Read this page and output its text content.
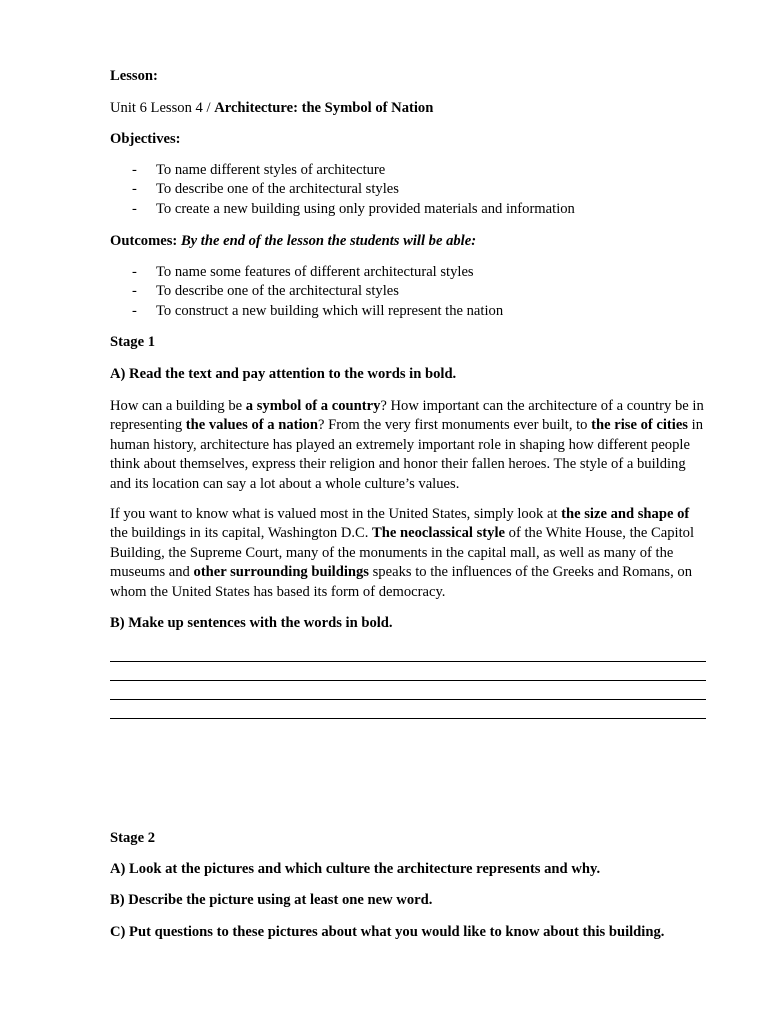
Lesson:

Unit 6 Lesson 4 / Architecture: the Symbol of Nation

Objectives:

- To name different styles of architecture
- To describe one of the architectural styles
- To create a new building using only provided materials and information

Outcomes: By the end of the lesson the students will be able:

- To name some features of different architectural styles
- To describe one of the architectural styles
- To construct a new building which will represent the nation

Stage 1

A) Read the text and pay attention to the words in bold.

How can a building be a symbol of a country? How important can the architecture of a country be in representing the values of a nation? From the very first monuments ever built, to the rise of cities in human history, architecture has played an extremely important role in shaping how different people think about themselves, express their religion and honor their fallen heroes. The style of a building and its location can say a lot about a whole culture’s values.

If you want to know what is valued most in the United States, simply look at the size and shape of the buildings in its capital, Washington D.C. The neoclassical style of the White House, the Capitol Building, the Supreme Court, many of the monuments in the capital mall, as well as many of the museums and other surrounding buildings speaks to the influences of the Greeks and Romans, on whom the United States has based its form of democracy.

B) Make up sentences with the words in bold.

Stage 2

A) Look at the pictures and which culture the architecture represents and why.

B) Describe the picture using at least one new word.

C) Put questions to these pictures about what you would like to know about this building.
